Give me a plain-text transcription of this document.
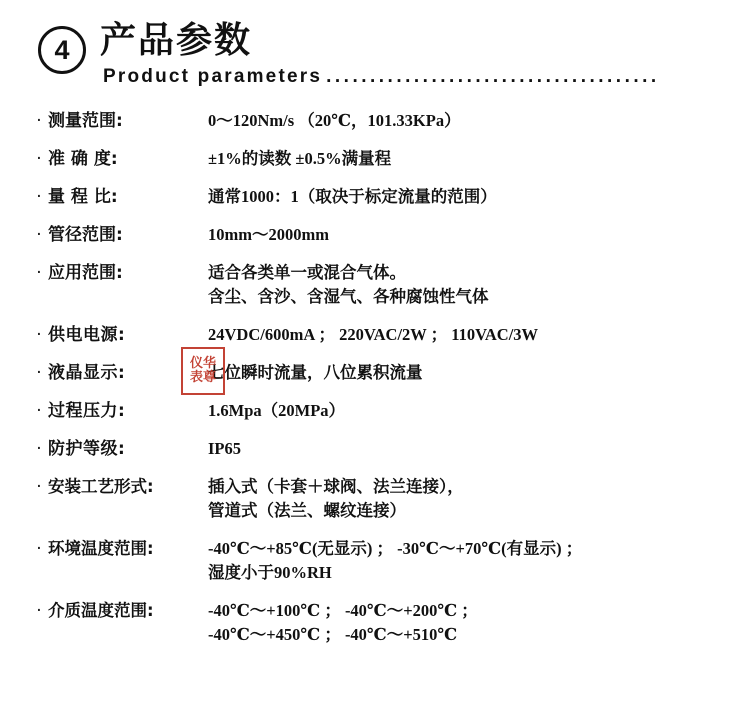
4 产品参数
Product parameters ......................................
· 测量范围:	0～120Nm/s （20℃，101.33KPa）
· 准 确 度:	±1%的读数 ±0.5%满量程
· 量 程 比:	通常1000：1（取决于标定流量的范围）
· 管径范围:	10mm～2000mm
· 应用范围:	适合各类单一或混合气体。
含尘、含沙、含湿气、各种腐蚀性气体
· 供电电源:	24VDC/600mA ； 220VAC/2W ； 110VAC/3W
· 液晶显示:	七位瞬时流量，八位累积流量
· 过程压力:	1.6Mpa（20MPa）
· 防护等级:	IP65
· 安装工艺形式:	插入式（卡套＋球阀、法兰连接），
管道式（法兰、螺纹连接）
· 环境温度范围:	-40℃～+85℃(无显示) ； -30℃～+70℃(有显示) ；
湿度小于90%RH
· 介质温度范围:	-40℃～+100℃ ； -40℃～+200℃ ；
-40℃～+450℃ ； -40℃～+510℃
仪华
表尊
